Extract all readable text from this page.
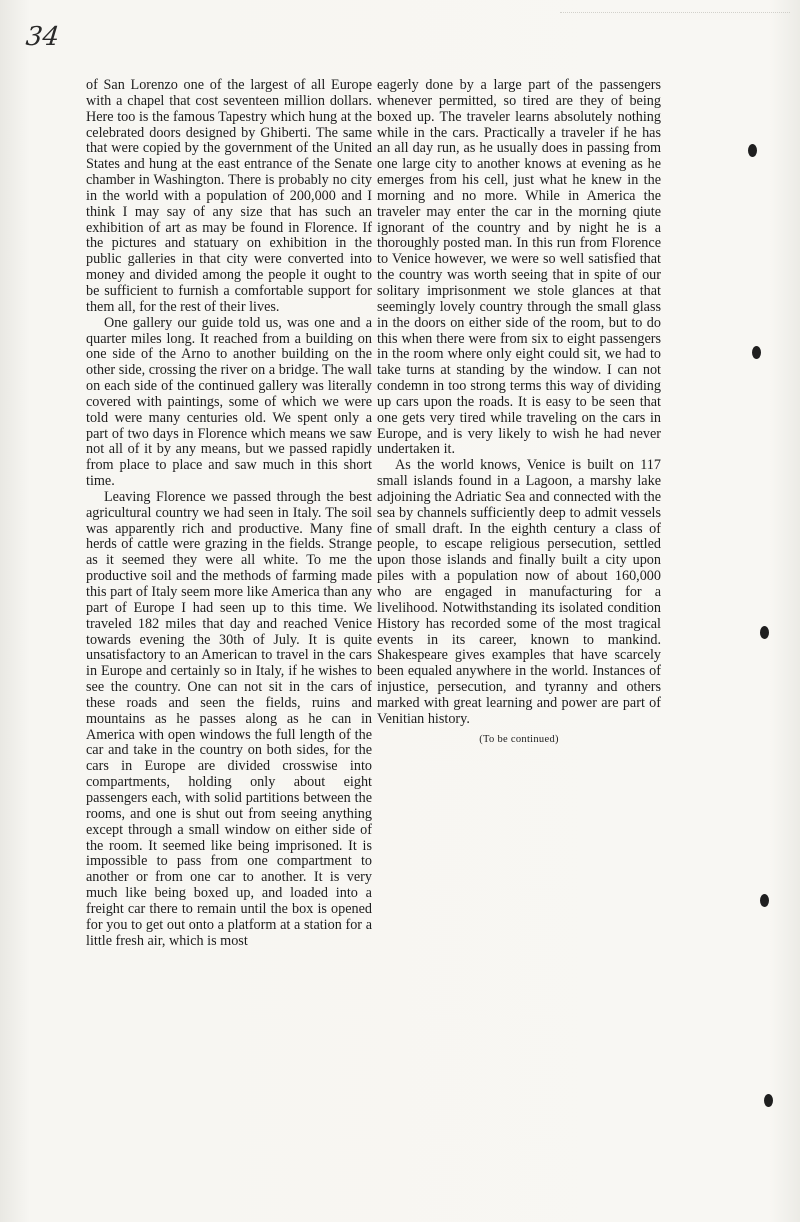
34

of San Lorenzo one of the largest of all Europe with a chapel that cost seventeen million dollars. Here too is the famous Tapestry which hung at the celebrated doors designed by Ghiberti. The same that were copied by the government of the United States and hung at the east entrance of the Senate chamber in Washington. There is probably no city in the world with a population of 200,000 and I think I may say of any size that has such an exhibition of art as may be found in Florence. If the pictures and statuary on exhibition in the public galleries in that city were converted into money and divided among the people it ought to be sufficient to furnish a comfortable support for them all, for the rest of their lives.

One gallery our guide told us, was one and a quarter miles long. It reached from a building on one side of the Arno to another building on the other side, crossing the river on a bridge. The wall on each side of the continued gallery was literally covered with paintings, some of which we were told were many centuries old. We spent only a part of two days in Florence which means we saw not all of it by any means, but we passed rapidly from place to place and saw much in this short time.

Leaving Florence we passed through the best agricultural country we had seen in Italy. The soil was apparently rich and productive. Many fine herds of cattle were grazing in the fields. Strange as it seemed they were all white. To me the productive soil and the methods of farming made this part of Italy seem more like America than any part of Europe I had seen up to this time. We traveled 182 miles that day and reached Venice towards evening the 30th of July. It is quite unsatisfactory to an American to travel in the cars in Europe and certainly so in Italy, if he wishes to see the country. One can not sit in the cars of these roads and seen the fields, ruins and mountains as he passes along as he can in America with open windows the full length of the car and take in the country on both sides, for the cars in Europe are divided crosswise into compartments, holding only about eight passengers each, with solid partitions between the rooms, and one is shut out from seeing anything except through a small window on either side of the room. It seemed like being imprisoned. It is impossible to pass from one compartment to another or from one car to another. It is very much like being boxed up, and loaded into a freight car there to remain until the box is opened for you to get out onto a platform at a station for a little fresh air, which is most

eagerly done by a large part of the passengers whenever permitted, so tired are they of being boxed up. The traveler learns absolutely nothing while in the cars. Practically a traveler if he has an all day run, as he usually does in passing from one large city to another knows at evening as he emerges from his cell, just what he knew in the morning and no more. While in America the traveler may enter the car in the morning qiute ignorant of the country and by night he is a thoroughly posted man. In this run from Florence to Venice however, we were so well satisfied that the country was worth seeing that in spite of our solitary imprisonment we stole glances at that seemingly lovely country through the small glass in the doors on either side of the room, but to do this when there were from six to eight passengers in the room where only eight could sit, we had to take turns at standing by the window. I can not condemn in too strong terms this way of dividing up cars upon the roads. It is easy to be seen that one gets very tired while traveling on the cars in Europe, and is very likely to wish he had never undertaken it.

As the world knows, Venice is built on 117 small islands found in a Lagoon, a marshy lake adjoining the Adriatic Sea and connected with the sea by channels sufficiently deep to admit vessels of small draft. In the eighth century a class of people, to escape religious persecution, settled upon those islands and finally built a city upon piles with a population now of about 160,000 who are engaged in manufacturing for a livelihood. Notwithstanding its isolated condition History has recorded some of the most tragical events in its career, known to mankind. Shakespeare gives examples that have scarcely been equaled anywhere in the world. Instances of injustice, persecution, and tyranny and others marked with great learning and power are part of Venitian history.

(To be continued)
